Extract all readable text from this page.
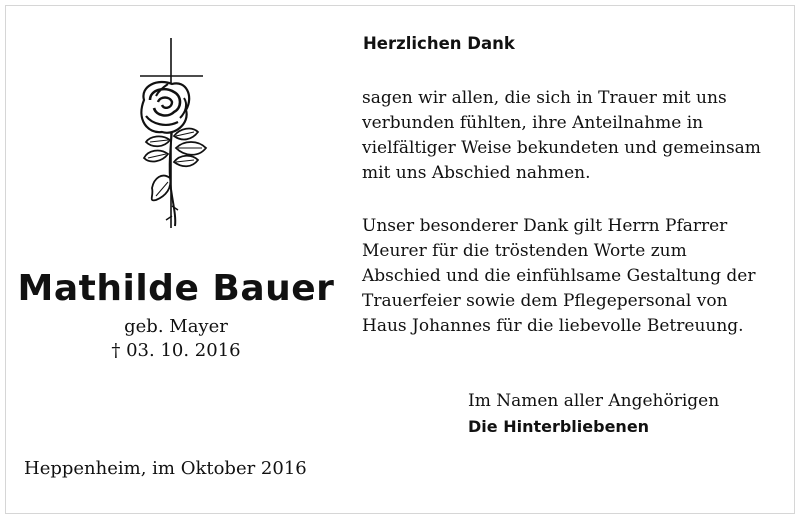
Mathilde Bauer

geb. Mayer

† 03. 10. 2016

Heppenheim, im Oktober 2016

Herzlichen Dank

sagen wir allen, die sich in Trauer mit uns
verbunden fühlten, ihre Anteilnahme in
vielfältiger Weise bekundeten und gemeinsam
mit uns Abschied nahmen.

Unser besonderer Dank gilt Herrn Pfarrer
Meurer für die tröstenden Worte zum
Abschied und die einfühlsame Gestaltung der
Trauerfeier sowie dem Pflegepersonal von
Haus Johannes für die liebevolle Betreuung.

Im Namen aller Angehörigen
Die Hinterbliebenen
